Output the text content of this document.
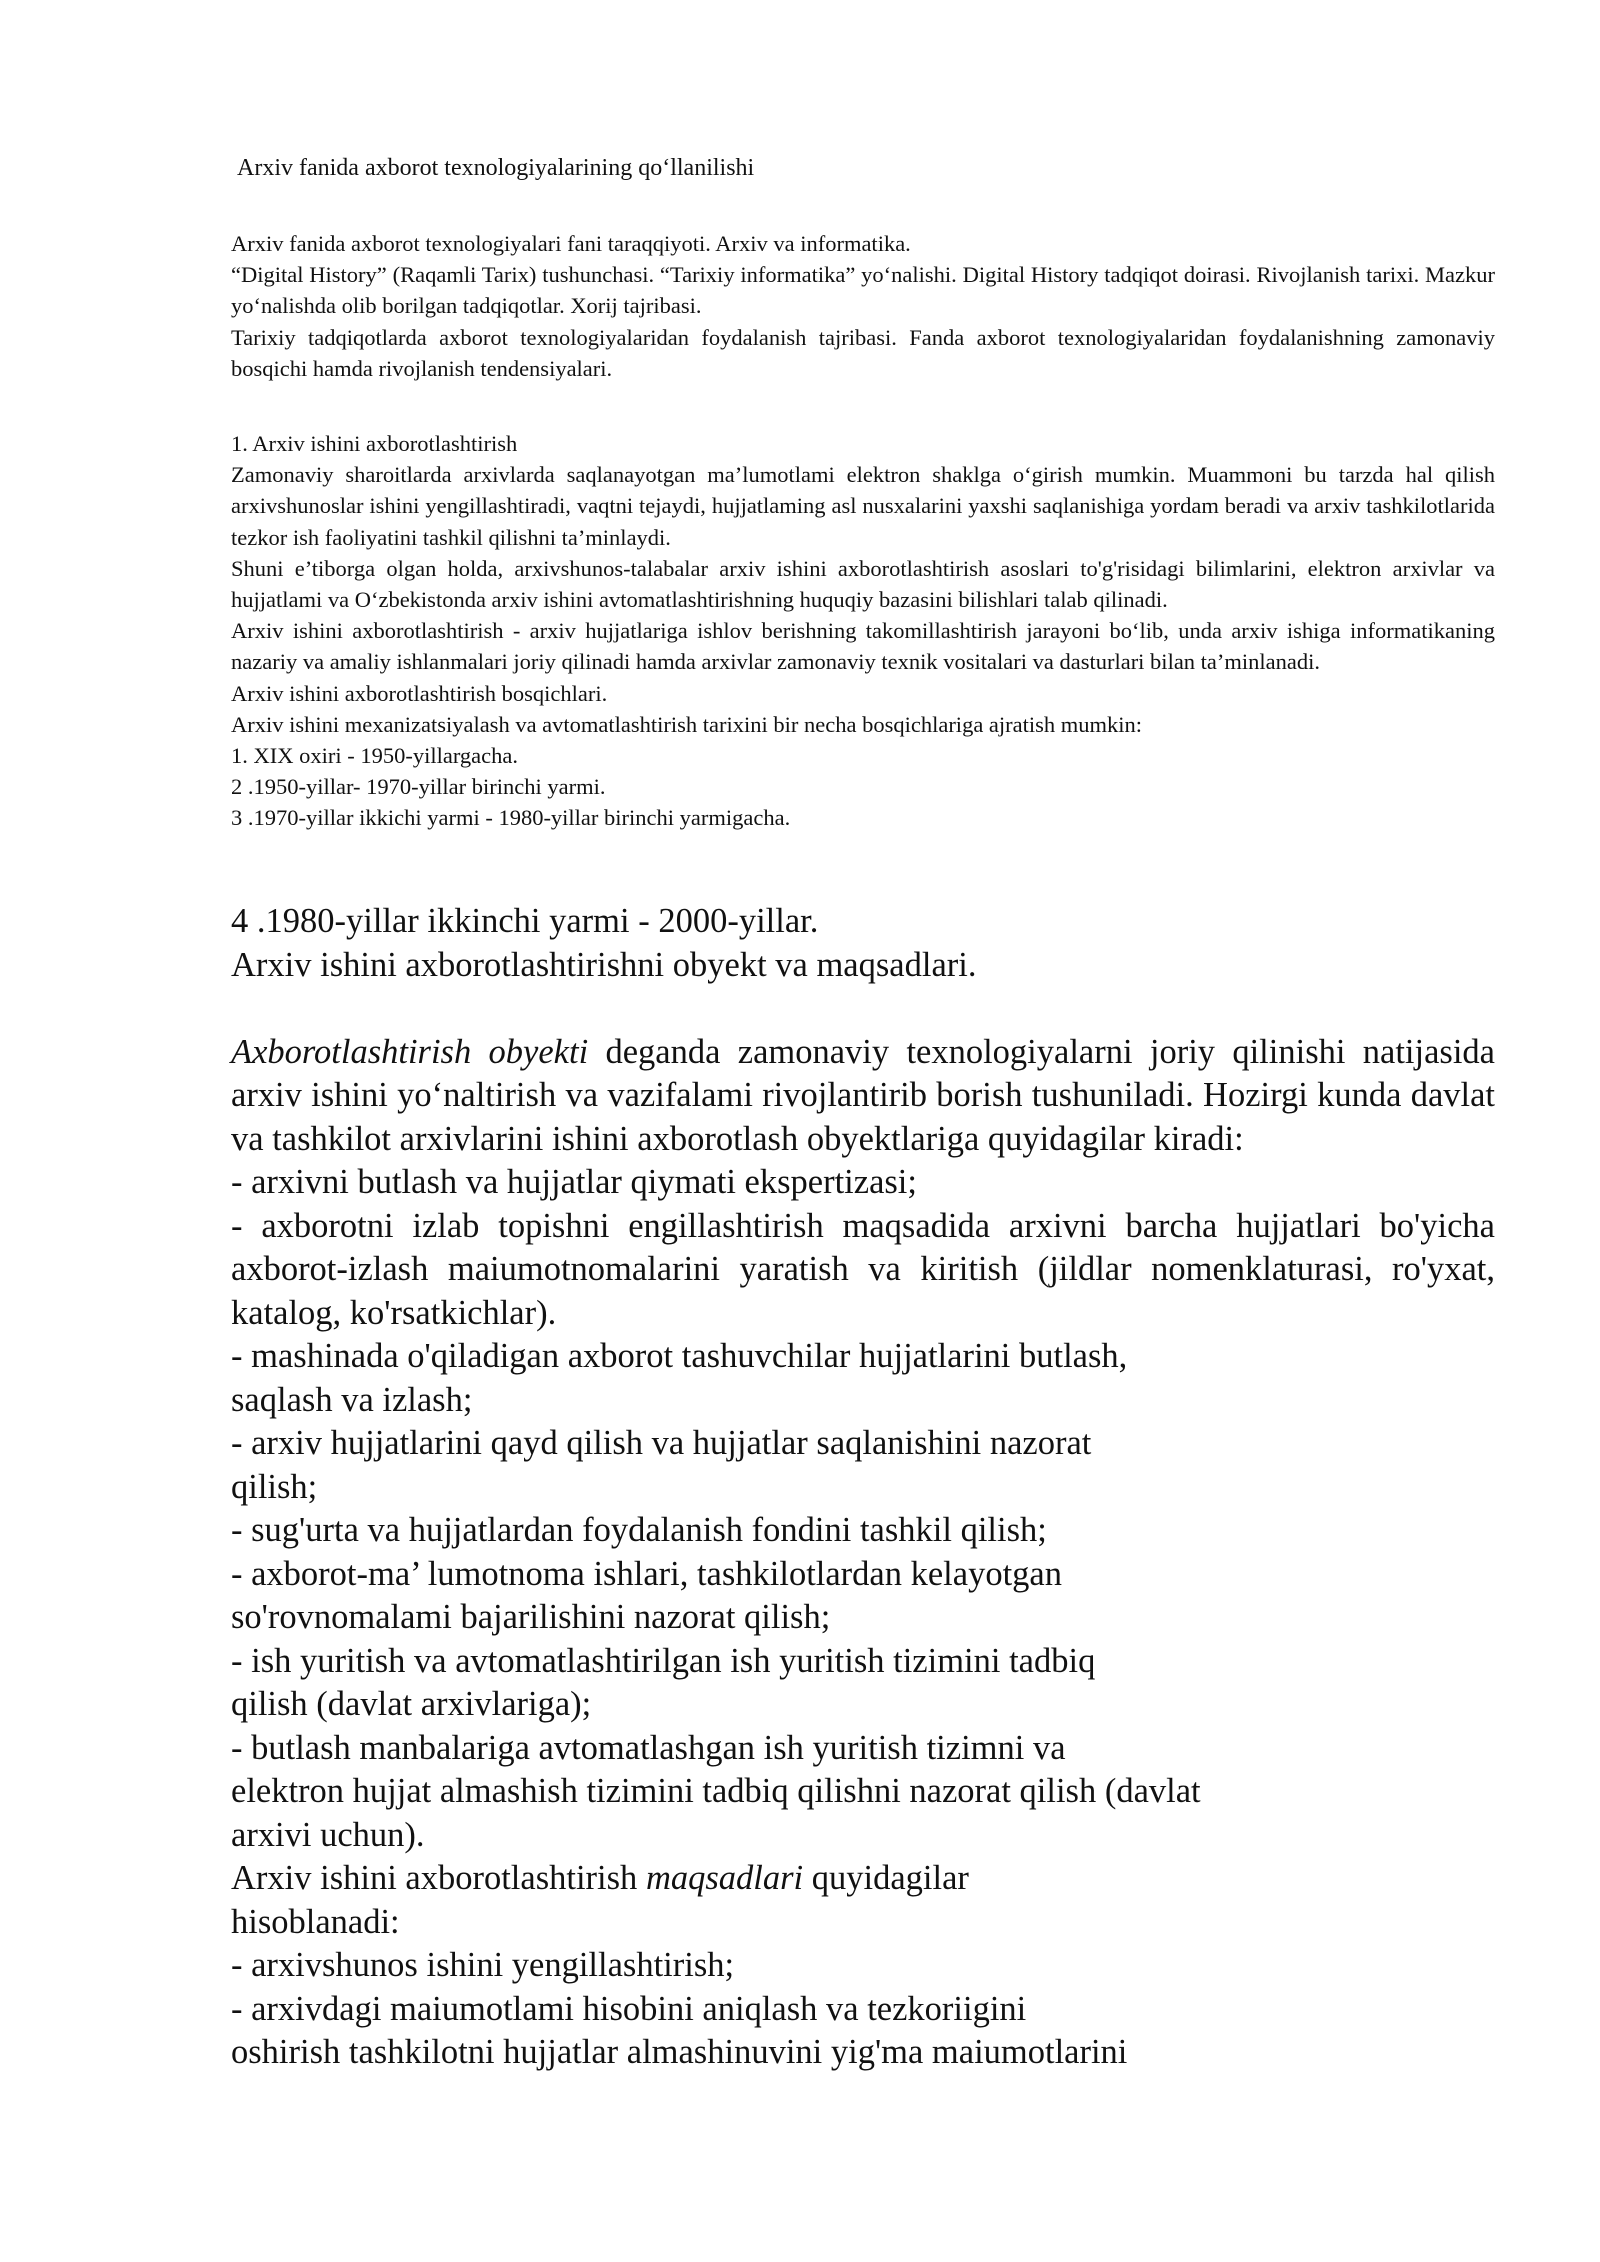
Arxiv fanida axborot texnologiyalarining qo‘llanilishi

Arxiv fanida axborot texnologiyalari fani taraqqiyoti. Arxiv va informatika.

“Digital History” (Raqamli Tarix) tushunchasi. “Tarixiy informatika” yo‘nalishi. Digital History tadqiqot doirasi. Rivojlanish tarixi. Mazkur yo‘nalishda olib borilgan tadqiqotlar. Xorij tajribasi.

Tarixiy tadqiqotlarda axborot texnologiyalaridan foydalanish tajribasi. Fanda axborot texnologiyalaridan foydalanishning zamonaviy bosqichi hamda rivojlanish tendensiyalari.

1. Arxiv ishini axborotlashtirish

Zamonaviy sharoitlarda arxivlarda saqlanayotgan ma’lumotlami elektron shaklga o‘girish mumkin. Muammoni bu tarzda hal qilish arxivshunoslar ishini yengillashtiradi, vaqtni tejaydi, hujjatlaming asl nusxalarini yaxshi saqlanishiga yordam beradi va arxiv tashkilotlarida tezkor ish faoliyatini tashkil qilishni ta’minlaydi.

Shuni e’tiborga olgan holda, arxivshunos-talabalar arxiv ishini axborotlashtirish asoslari to'g'risidagi bilimlarini, elektron arxivlar va hujjatlami va O‘zbekistonda arxiv ishini avtomatlashtirishning huquqiy bazasini bilishlari talab qilinadi.

Arxiv ishini axborotlashtirish - arxiv hujjatlariga ishlov berishning takomillashtirish jarayoni bo‘lib, unda arxiv ishiga informatikaning nazariy va amaliy ishlanmalari joriy qilinadi hamda arxivlar zamonaviy texnik vositalari va dasturlari bilan ta’minlanadi.

Arxiv ishini axborotlashtirish bosqichlari.

Arxiv ishini mexanizatsiyalash va avtomatlashtirish tarixini bir necha bosqichlariga ajratish mumkin:

1. XIX oxiri - 1950-yillargacha.

2 .1950-yillar- 1970-yillar birinchi yarmi.

3 .1970-yillar ikkichi yarmi - 1980-yillar birinchi yarmigacha.

4 .1980-yillar ikkinchi yarmi - 2000-yillar.

Arxiv ishini axborotlashtirishni obyekt va maqsadlari.

Axborotlashtirish obyekti deganda zamonaviy texnologiyalarni joriy qilinishi natijasida arxiv ishini yo‘naltirish va vazifalami rivojlantirib borish tushuniladi. Hozirgi kunda davlat va tashkilot arxivlarini ishini axborotlash obyektlariga quyidagilar kiradi:

- arxivni butlash va hujjatlar qiymati ekspertizasi;

- axborotni izlab topishni engillashtirish maqsadida arxivni barcha hujjatlari bo'yicha axborot-izlash maiumotnomalarini yaratish va kiritish (jildlar nomenklaturasi, ro'yxat, katalog, ko'rsatkichlar).

- mashinada o'qiladigan axborot tashuvchilar hujjatlarini butlash,

saqlash va izlash;

- arxiv hujjatlarini qayd qilish va hujjatlar saqlanishini nazorat

qilish;

- sug'urta va hujjatlardan foydalanish fondini tashkil qilish;

- axborot-ma’ lumotnoma ishlari, tashkilotlardan kelayotgan

so'rovnomalami bajarilishini nazorat qilish;

- ish yuritish va avtomatlashtirilgan ish yuritish tizimini tadbiq

qilish (davlat arxivlariga);

- butlash manbalariga avtomatlashgan ish yuritish tizimni va

elektron hujjat almashish tizimini tadbiq qilishni nazorat qilish (davlat

arxivi uchun).

Arxiv ishini axborotlashtirish maqsadlari quyidagilar

hisoblanadi:

- arxivshunos ishini yengillashtirish;

- arxivdagi maiumotlami hisobini aniqlash va tezkoriigini

oshirish tashkilotni hujjatlar almashinuvini yig'ma maiumotlarini
